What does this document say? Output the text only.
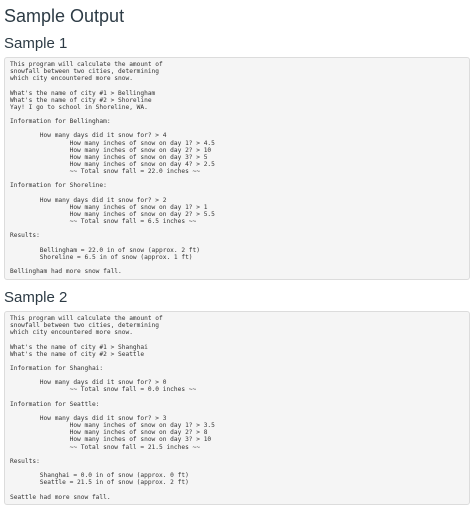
Sample Output
Sample 1
This program will calculate the amount of
snowfall between two cities, determining
which city encountered more snow.
What's the name of city #1 > Bellingham
What's the name of city #2 > Shoreline
Yay! I go to school in Shoreline, WA.
Information for Bellingham:
How many days did it snow for? > 4
How many inches of snow on day 1? > 4.5
How many inches of snow on day 2? > 10
How many inches of snow on day 3? > 5
How many inches of snow on day 4? > 2.5
~~ Total snow fall = 22.0 inches ~~
Information for Shoreline:
How many days did it snow for? > 2
How many inches of snow on day 1? > 1
How many inches of snow on day 2? > 5.5
~~ Total snow fall = 6.5 inches ~~
Results:
Bellingham = 22.0 in of snow (approx. 2 ft)
Shoreline = 6.5 in of snow (approx. 1 ft)
Bellingham had more snow fall.
Sample 2
This program will calculate the amount of
snowfall between two cities, determining
which city encountered more snow.
What's the name of city #1 > Shanghai
What's the name of city #2 > Seattle
Information for Shanghai:
How many days did it snow for? > 0
~~ Total snow fall = 0.0 inches ~~
Information for Seattle:
How many days did it snow for? > 3
How many inches of snow on day 1? > 3.5
How many inches of snow on day 2? > 8
How many inches of snow on day 3? > 10
~~ Total snow fall = 21.5 inches ~~
Results:
Shanghai = 0.0 in of snow (approx. 0 ft)
Seattle = 21.5 in of snow (approx. 2 ft)
Seattle had more snow fall.
